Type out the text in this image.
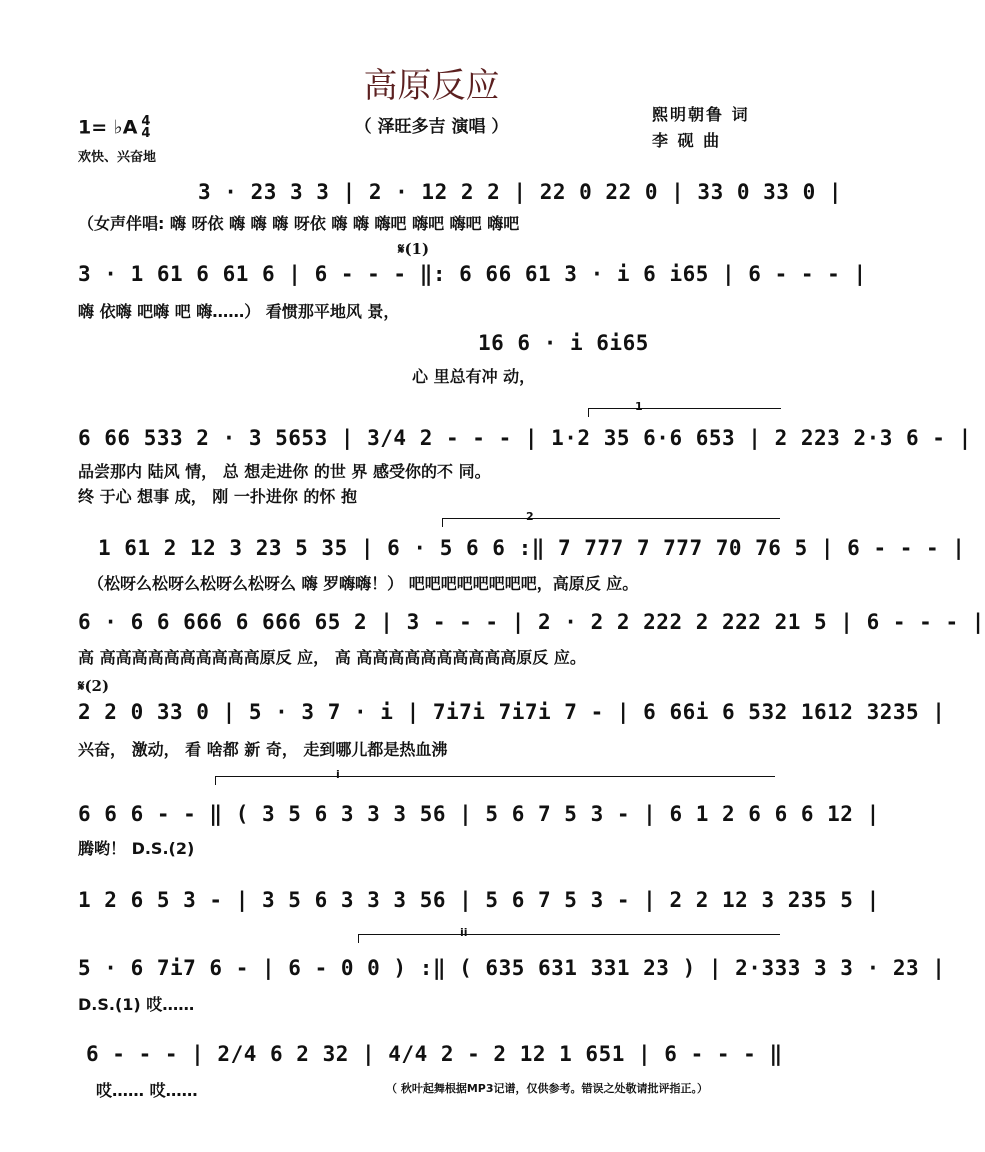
高原反应
（ 泽旺多吉 演唱 ）
熙明朝鲁 词
李 砚 曲
1= ♭A 4
4
欢快、兴奋地
3 · 23 3 3 | 2 · 12 2 2 | 22 0 22 0 | 33 0 33 0 |
（女声伴唱: 嗨 呀依 嗨 嗨 嗨 呀依 嗨 嗨 嗨吧 嗨吧 嗨吧 嗨吧
𝄋(1)
3 · 1 61 6 61 6 | 6 - - - ‖: 6 66 61 3 · i 6 i65 | 6 - - - |
嗨 依嗨 吧嗨 吧 嗨……） 看惯那平地风 景，
16 6 · i 6i65
心 里总有冲 动，
1
6 66 533 2 · 3 5653 | 3/4 2 - - - | 1·2 35 6·6 653 | 2 223 2·3 6 - |
品尝那内 陆风 情， 总 想走进你 的世 界 感受你的不 同。
终 于心 想事 成， 刚 一扑进你 的怀 抱
2
1 61 2 12 3 23 5 35 | 6 · 5 6 6 :‖ 7 777 7 777 70 76 5 | 6 - - - |
（松呀么松呀么松呀么松呀么 嗨 罗嗨嗨！） 吧吧吧吧吧吧吧吧，高原反 应。
6 · 6 6 666 6 666 65 2 | 3 - - - | 2 · 2 2 222 2 222 21 5 | 6 - - - |
高 高高高高高高高高高高原反 应， 高 高高高高高高高高高高原反 应。
𝄋(2)
2 2 0 33 0 | 5 · 3 7 · i | 7i7i 7i7i 7 - | 6 66i 6 532 1612 3235 |
兴奋， 激动， 看 啥都 新 奇， 走到哪儿都是热血沸
i
6 6 6 - - ‖ ( 3 5 6 3 3 3 56 | 5 6 7 5 3 - | 6 1 2 6 6 6 12 |
腾哟！ D.S.(2)
1 2 6 5 3 - | 3 5 6 3 3 3 56 | 5 6 7 5 3 - | 2 2 12 3 235 5 |
ii
5 · 6 7i7 6 - | 6 - 0 0 ) :‖ ( 635 631 331 23 ) | 2·333 3 3 · 23 |
D.S.(1) 哎……
6 - - - | 2/4 6 2 32 | 4/4 2 - 2 12 1 651 | 6 - - - ‖
哎…… 哎……	（ 秋叶起舞根据MP3记谱，仅供参考。错误之处敬请批评指正。）
